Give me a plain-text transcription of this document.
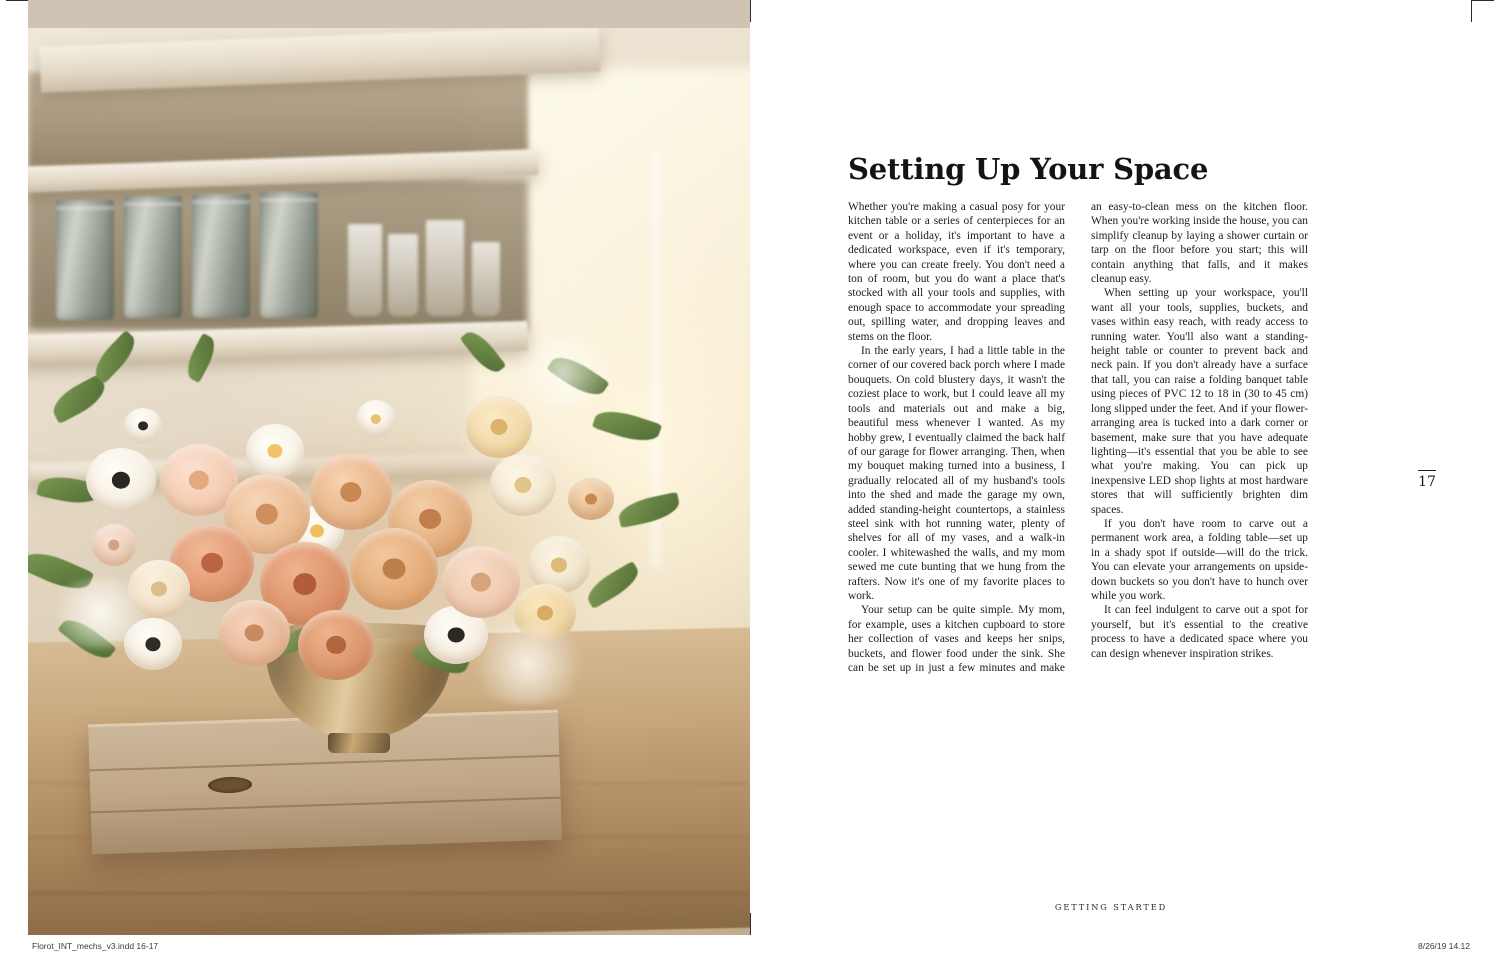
Setting Up Your Space

Whether you're making a casual posy for your kitchen table or a series of centerpieces for an event or a holiday, it's important to have a dedicated workspace, even if it's temporary, where you can create freely. You don't need a ton of room, but you do want a place that's stocked with all your tools and supplies, with enough space to accommodate your spreading out, spilling water, and dropping leaves and stems on the floor.

In the early years, I had a little table in the corner of our covered back porch where I made bouquets. On cold blustery days, it wasn't the coziest place to work, but I could leave all my tools and materials out and make a big, beautiful mess whenever I wanted. As my hobby grew, I eventually claimed the back half of our garage for flower arranging. Then, when my bouquet making turned into a business, I gradually relocated all of my husband's tools into the shed and made the garage my own, added standing-height countertops, a stainless steel sink with hot running water, plenty of shelves for all of my vases, and a walk-in cooler. I whitewashed the walls, and my mom sewed me cute bunting that we hung from the rafters. Now it's one of my favorite places to work.

Your setup can be quite simple. My mom, for example, uses a kitchen cupboard to store her collection of vases and keeps her snips, buckets, and flower food under the sink. She can be set up in just a few minutes and make an easy-to-clean mess on the kitchen floor. When you're working inside the house, you can simplify cleanup by laying a shower curtain or tarp on the floor before you start; this will contain anything that falls, and it makes cleanup easy.

When setting up your workspace, you'll want all your tools, supplies, buckets, and vases within easy reach, with ready access to running water. You'll also want a standing-height table or counter to prevent back and neck pain. If you don't already have a surface that tall, you can raise a folding banquet table using pieces of PVC 12 to 18 in (30 to 45 cm) long slipped under the feet. And if your flower-arranging area is tucked into a dark corner or basement, make sure that you have adequate lighting—it's essential that you be able to see what you're making. You can pick up inexpensive LED shop lights at most hardware stores that will sufficiently brighten dim spaces.

If you don't have room to carve out a permanent work area, a folding table—set up in a shady spot if outside—will do the trick. You can elevate your arrangements on upside-down buckets so you don't have to hunch over while you work.

It can feel indulgent to carve out a spot for yourself, but it's essential to the creative process to have a dedicated space where you can design whenever inspiration strikes.

17
GETTING STARTED
Florot_INT_mechs_v3.indd 16-17	8/26/19 14.12
